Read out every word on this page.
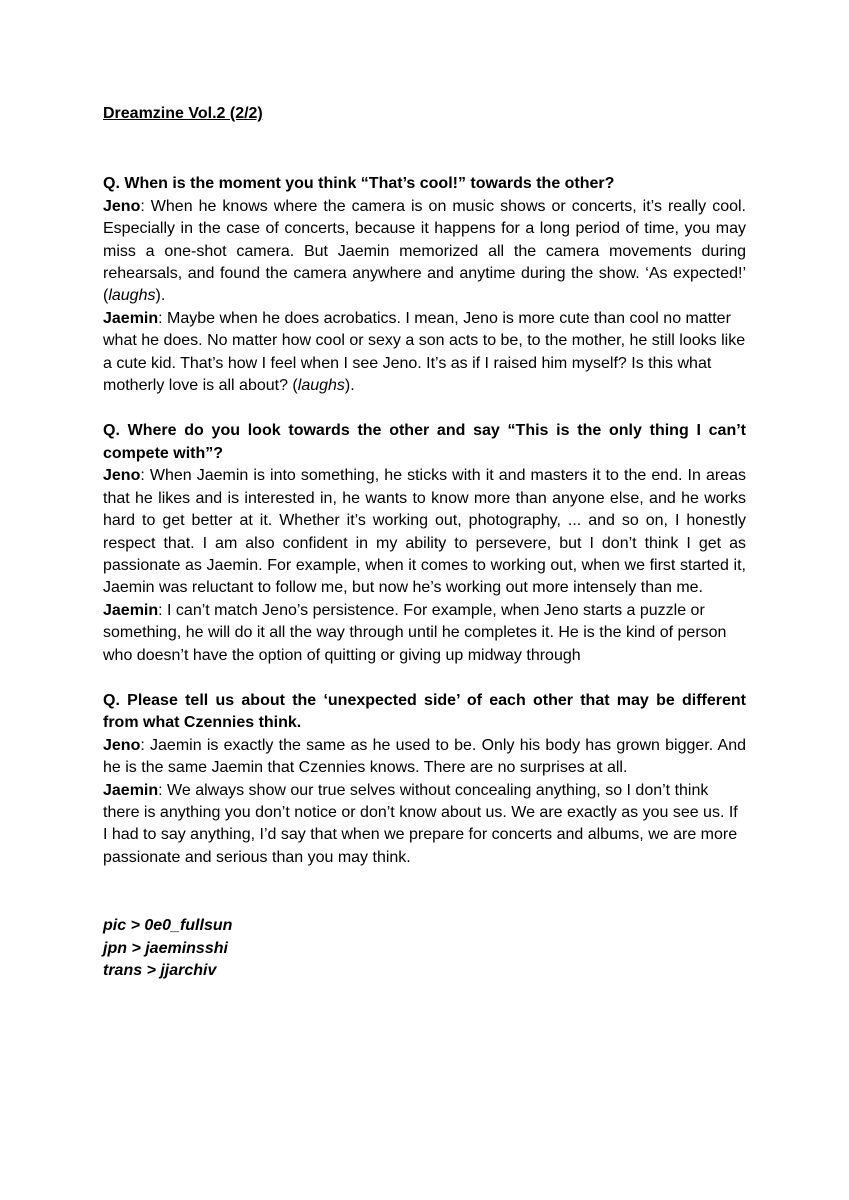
Dreamzine Vol.2 (2/2)

Q. When is the moment you think “That’s cool!” towards the other?

Jeno: When he knows where the camera is on music shows or concerts, it’s really cool. Especially in the case of concerts, because it happens for a long period of time, you may miss a one-shot camera. But Jaemin memorized all the camera movements during rehearsals, and found the camera anywhere and anytime during the show. ‘As expected!’ (laughs).

Jaemin: Maybe when he does acrobatics. I mean, Jeno is more cute than cool no matter what he does. No matter how cool or sexy a son acts to be, to the mother, he still looks like a cute kid. That’s how I feel when I see Jeno. It’s as if I raised him myself? Is this what motherly love is all about? (laughs).

Q. Where do you look towards the other and say “This is the only thing I can’t compete with”?

Jeno: When Jaemin is into something, he sticks with it and masters it to the end. In areas that he likes and is interested in, he wants to know more than anyone else, and he works hard to get better at it. Whether it’s working out, photography, ... and so on, I honestly respect that. I am also confident in my ability to persevere, but I don’t think I get as passionate as Jaemin. For example, when it comes to working out, when we first started it, Jaemin was reluctant to follow me, but now he’s working out more intensely than me.

Jaemin: I can’t match Jeno’s persistence. For example, when Jeno starts a puzzle or something, he will do it all the way through until he completes it. He is the kind of person who doesn’t have the option of quitting or giving up midway through

Q. Please tell us about the ‘unexpected side’ of each other that may be different from what Czennies think.

Jeno: Jaemin is exactly the same as he used to be. Only his body has grown bigger. And he is the same Jaemin that Czennies knows. There are no surprises at all.

Jaemin: We always show our true selves without concealing anything, so I don’t think there is anything you don’t notice or don’t know about us. We are exactly as you see us. If I had to say anything, I’d say that when we prepare for concerts and albums, we are more passionate and serious than you may think.

pic > 0e0_fullsun
jpn > jaeminsshi
trans > jjarchiv
